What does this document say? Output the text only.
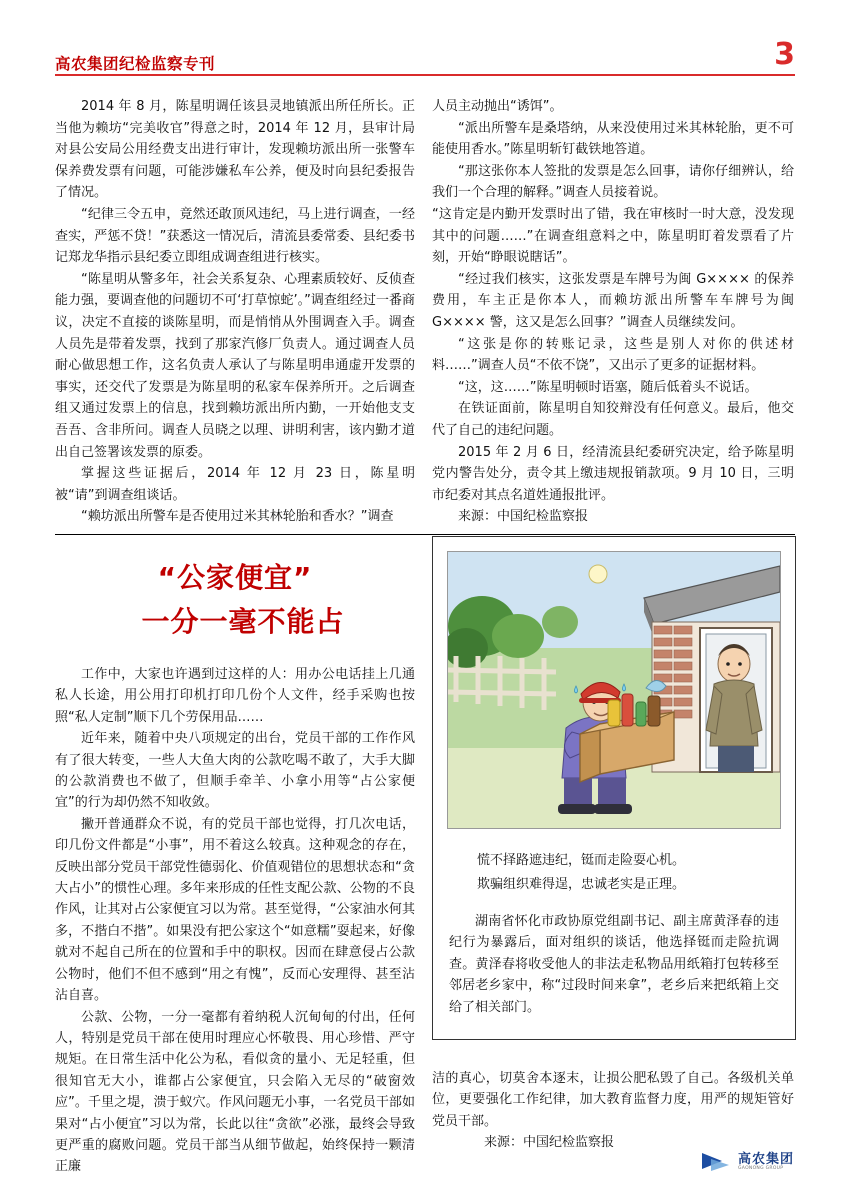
高农集团纪检监察专刊	3

2014 年 8 月，陈星明调任该县灵地镇派出所任所长。正当他为赖坊“完美收官”得意之时，2014 年 12 月，县审计局对县公安局公用经费支出进行审计，发现赖坊派出所一张警车保养费发票有问题，可能涉嫌私车公养，便及时向县纪委报告了情况。

“纪律三令五申，竟然还敢顶风违纪，马上进行调查，一经查实，严惩不贷！”获悉这一情况后，清流县委常委、县纪委书记郑龙华指示县纪委立即组成调查组进行核实。

“陈星明从警多年，社会关系复杂、心理素质较好、反侦查能力强，要调查他的问题切不可‘打草惊蛇’。”调查组经过一番商议，决定不直接的谈陈星明，而是悄悄从外围调查入手。调查人员先是带着发票，找到了那家汽修厂负责人。通过调查人员耐心做思想工作，这名负责人承认了与陈星明串通虚开发票的事实，还交代了发票是为陈星明的私家车保养所开。之后调查组又通过发票上的信息，找到赖坊派出所内勤，一开始他支支吾吾、含非所问。调查人员晓之以理、讲明利害，该内勤才道出自己签署该发票的原委。

掌握这些证据后，2014 年 12 月 23 日，陈星明被“请”到调查组谈话。

“赖坊派出所警车是否使用过米其林轮胎和香水？”调查

人员主动抛出“诱饵”。

“派出所警车是桑塔纳，从来没使用过米其林轮胎，更不可能使用香水。”陈星明斩钉截铁地答道。

“那这张你本人签批的发票是怎么回事，请你仔细辨认，给我们一个合理的解释。”调查人员接着说。

“这肯定是内勤开发票时出了错，我在审核时一时大意，没发现其中的问题……”在调查组意料之中，陈星明盯着发票看了片刻，开始“睁眼说瞎话”。

“经过我们核实，这张发票是车牌号为闽 G×××× 的保养费用，车主正是你本人，而赖坊派出所警车车牌号为闽 G×××× 警，这又是怎么回事？”调查人员继续发问。

“这张是你的转账记录，这些是别人对你的供述材料……”调查人员“不依不饶”，又出示了更多的证据材料。

“这，这……”陈星明顿时语塞，随后低着头不说话。

在铁证面前，陈星明自知狡辩没有任何意义。最后，他交代了自己的违纪问题。

2015 年 2 月 6 日，经清流县纪委研究决定，给予陈星明党内警告处分，责令其上缴违规报销款项。9 月 10 日，三明市纪委对其点名道姓通报批评。

来源：中国纪检监察报

“公家便宜”
一分一毫不能占

工作中，大家也许遇到过这样的人：用办公电话挂上几通私人长途，用公用打印机打印几份个人文件，经手采购也按照“私人定制”顺下几个劳保用品……

近年来，随着中央八项规定的出台，党员干部的工作作风有了很大转变，一些人大鱼大肉的公款吃喝不敢了，大手大脚的公款消费也不做了，但顺手牵羊、小拿小用等“占公家便宜”的行为却仍然不知收敛。

撇开普通群众不说，有的党员干部也觉得，打几次电话，印几份文件都是“小事”，用不着这么较真。这种观念的存在，反映出部分党员干部党性德弱化、价值观错位的思想状态和“贪大占小”的惯性心理。多年来形成的任性支配公款、公物的不良作风，让其对占公家便宜习以为常。甚至觉得，“公家油水何其多，不揩白不揩”。如果没有把公家这个“如意糯”耍起来，好像就对不起自己所在的位置和手中的职权。因而在肆意侵占公款公物时，他们不但不感到“用之有愧”，反而心安理得、甚至沾沾自喜。

公款、公物，一分一毫都有着纳税人沉甸甸的付出，任何人，特别是党员干部在使用时理应心怀敬畏、用心珍惜、严守规矩。在日常生活中化公为私，看似贪的量小、无足轻重，但很知官无大小，谁都占公家便宜，只会陷入无尽的“破窗效应”。千里之堤，溃于蚁穴。作风问题无小事，一名党员干部如果对“占小便宜”习以为常，长此以往“贪欲”必涨，最终会导致更严重的腐败问题。党员干部当从细节做起，始终保持一颗清正廉

慌不择路遮违纪，铤而走险耍心机。
欺骗组织难得逞，忠诚老实是正理。

湖南省怀化市政协原党组副书记、副主席黄泽春的违纪行为暴露后，面对组织的谈话，他选择铤而走险抗调查。黄泽春将收受他人的非法走私物品用纸箱打包转移至邻居老乡家中，称“过段时间来拿”，老乡后来把纸箱上交给了相关部门。

洁的真心，切莫舍本逐末，让损公肥私毁了自己。各级机关单位，更要强化工作纪律，加大教育监督力度，用严的规矩管好党员干部。

来源：中国纪检监察报
高农集团
GAONONG GROUP
